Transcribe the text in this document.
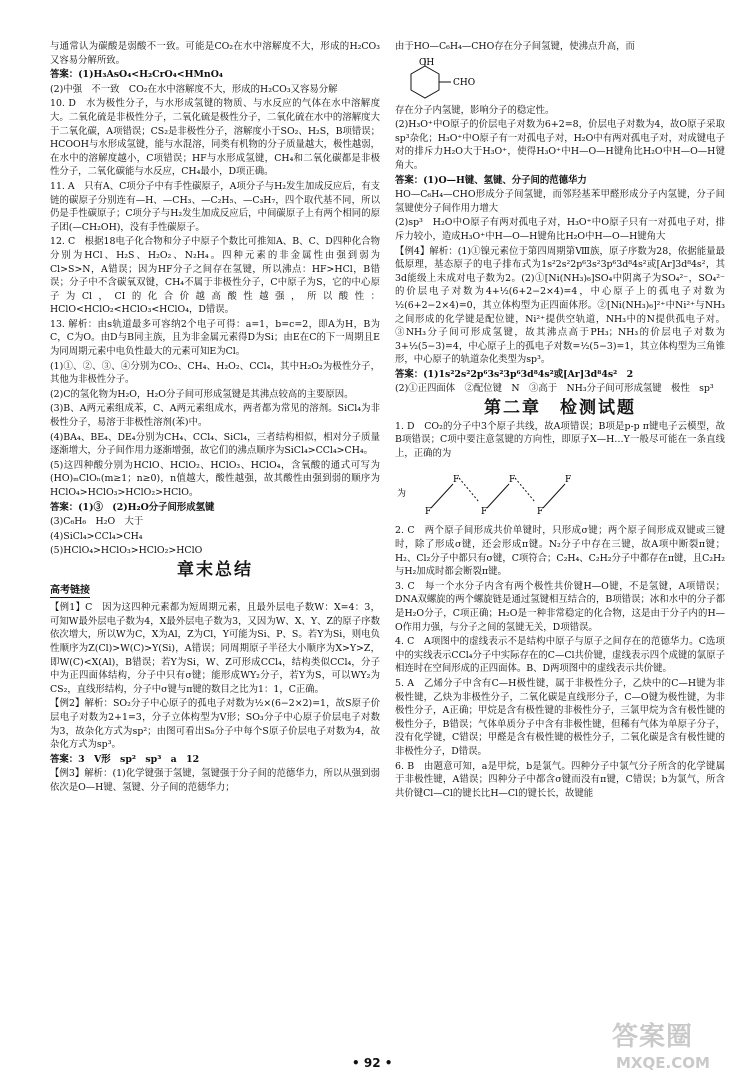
与通常认为碳酸是弱酸不一致。可能是CO₂在水中溶解度不大，形成的H₂CO₃又容易分解所致。

答案：(1)H₃AsO₄<H₂CrO₄<HMnO₄

(2)中强　不一致　CO₂在水中溶解度不大，形成的H₂CO₃又容易分解

10. D　水为极性分子，与水形成氢键的物质、与水反应的气体在水中溶解度大。二氧化硫是非极性分子，二氧化硫是极性分子，二氧化硫在水中的溶解度大于二氧化碳，A项错误；CS₂是非极性分子，溶解度小于SO₂、H₂S，B项错误；HCOOH与水形成氢键，能与水混溶，同类有机物的分子质量越大，极性越弱，在水中的溶解度越小，C项错误；HF与水形成氢键，CH₄和二氧化碳都是非极性分子，二氧化碳能与水反应，CH₄最小，D项正确。

11. A　只有A、C项分子中有手性碳原子，A项分子与H₂发生加成反应后，有支链的碳原子分别连有—H、—CH₃、—C₂H₅、—C₃H₇，四个取代基不同，所以仍是手性碳原子；C项分子与H₂发生加成反应后，中间碳原子上有两个相同的原子团(—CH₂OH)，没有手性碳原子。

12. C　根据18电子化合物和分子中原子个数比可推知A、B、C、D四种化合物分别为HCl、H₂S、H₂O₂、N₂H₄。四种元素的非金属性由强到弱为Cl>S>N，A错误；因为HF分子之间存在氢键，所以沸点：HF>HCl，B错误；分子中不含碳氧双键，CH₄不属于非极性分子，C中原子为S，它的中心原子为Cl，CI的化合价越高酸性越强，所以酸性：HClO<HClO₂<HClO₃<HClO₄，D错误。

13. 解析：由s轨道最多可容纳2个电子可得：a=1，b=c=2，即A为H，B为C，C为O。由D与B同主族，且为非金属元素得D为Si；由E在C的下一周期且E为同周期元素中电负性最大的元素可知E为Cl。

(1)①、②、③、④分别为CO₂、CH₄、H₂O₂、CCl₄，其中H₂O₂为极性分子，其他为非极性分子。

(2)C的氢化物为H₂O，H₂O分子间可形成氢键是其沸点较高的主要原因。

(3)B、A两元素组成苯，C、A两元素组成水，两者都为常见的溶剂。SiCl₄为非极性分子，易溶于非极性溶剂(苯)中。

(4)BA₄、BE₄、DE₄分别为CH₄、CCl₄、SiCl₄，三者结构相似，相对分子质量逐渐增大，分子间作用力逐渐增强，故它们的沸点顺序为SiCl₄>CCl₄>CH₄。

(5)这四种酸分别为HClO、HClO₂、HClO₃、HClO₄，含氧酸的通式可写为(HO)ₘClOₙ(m≥1；n≥0)，n值越大，酸性越强，故其酸性由强到弱的顺序为HClO₄>HClO₃>HClO₂>HClO。

答案：(1)③　(2)H₂O分子间形成氢键

(3)C₆H₆　H₂O　大于

(4)SiCl₄>CCl₄>CH₄

(5)HClO₄>HClO₃>HClO₂>HClO

章末总结
高考链接

【例1】C　因为这四种元素都为短周期元素，且最外层电子数W：X=4：3，可知W最外层电子数为4，X最外层电子数为3，又因为W、X、Y、Z的原子序数依次增大，所以W为C，X为Al，Z为Cl，Y可能为Si、P、S。若Y为Si，则电负性顺序为Z(Cl)>W(C)>Y(Si)，A错误；同周期原子半径大小顺序为X>Y>Z，即W(C)<X(Al)，B错误；若Y为Si，W、Z可形成CCl₄，结构类似CCl₄，分子中为正四面体结构，分子中只有σ键；能形成WY₂分子，若Y为S，可以WY₂为CS₂，直线形结构，分子中σ键与π键的数目之比为1：1，C正确。

【例2】解析：SO₂分子中心原子的孤电子对数为½×(6−2×2)=1，故S原子价层电子对数为2+1=3，分子立体构型为V形；SO₃分子中心原子价层电子对数为3，故杂化方式为sp²；由图可看出S₈分子中每个S原子价层电子对数为4，故杂化方式为sp³。

答案：3　V形　sp²　sp³　a　12

【例3】解析：(1)化学键强于氢键，氢键强于分子间的范德华力，所以从强到弱依次是O—H键、氢键、分子间的范德华力；

由于HO—C₆H₄—CHO存在分子间氢键，使沸点升高，而

OH
CHO

存在分子内氢键，影响分子的稳定性。

(2)H₃O⁺中O原子的价层电子对数为6+2=8，价层电子对数为4，故O原子采取sp³杂化；H₃O⁺中O原子有一对孤电子对，H₂O中有两对孤电子对，对成键电子对的排斥力H₂O大于H₃O⁺，使得H₃O⁺中H—O—H键角比H₂O中H—O—H键角大。

答案：(1)O—H键、氢键、分子间的范德华力

HO—C₆H₄—CHO形成分子间氢键，而邻羟基苯甲醛形成分子内氢键，分子间氢键使分子间作用力增大

(2)sp³　H₂O中O原子有两对孤电子对，H₃O⁺中O原子只有一对孤电子对，排斥力较小，造成H₃O⁺中H—O—H键角比H₂O中H—O—H键角大

【例4】解析：(1)①镍元素位于第四周期第Ⅷ族，原子序数为28，依据能量最低原理，基态原子的电子排布式为1s²2s²2p⁶3s²3p⁶3d⁸4s²或[Ar]3d⁸4s²，其3d能级上未成对电子数为2。(2)①[Ni(NH₃)₆]SO₄中阴离子为SO₄²⁻，SO₄²⁻的价层电子对数为4+½(6+2−2×4)=4，中心原子上的孤电子对数为½(6+2−2×4)=0，其立体构型为正四面体形。②[Ni(NH₃)₆]²⁺中Ni²⁺与NH₃之间形成的化学键是配位键，Ni²⁺提供空轨道，NH₃中的N提供孤电子对。③NH₃分子间可形成氢键，故其沸点高于PH₃；NH₃的价层电子对数为3+½(5−3)=4，中心原子上的孤电子对数=½(5−3)=1，其立体构型为三角锥形，中心原子的轨道杂化类型为sp³。

答案：(1)1s²2s²2p⁶3s²3p⁶3d⁸4s²或[Ar]3d⁸4s²　2

(2)①正四面体　②配位键　N　③高于　NH₃分子间可形成氢键　极性　sp³

第二章　检测试题

1. D　CO₂的分子中3个原子共线，故A项错误；B项是p-p π键电子云模型，故B项错误；C项中要注意氢键的方向性，即原子X—H…Y一般尽可能在一条直线上，正确的为

为
F
F
F
F
F
F

2. C　两个原子间形成共价单键时，只形成σ键；两个原子间形成双键或三键时，除了形成σ键，还会形成π键。N₂分子中存在三键，故A项中断裂π键；H₂、Cl₂分子中都只有σ键，C项符合；C₂H₄、C₂H₂分子中都存在π键，且C₂H₂与H₂加成时都会断裂π键。

3. C　每一个水分子内含有两个极性共价键H—O键，不是氢键，A项错误；DNA双螺旋的两个螺旋链是通过氢键相互结合的，B项错误；冰和水中的分子都是H₂O分子，C项正确；H₂O是一种非常稳定的化合物，这是由于分子内的H—O作用力强，与分子之间的氢键无关，D项错误。

4. C　A项图中的虚线表示不是结构中原子与原子之间存在的范德华力。C选项中的实线表示CCl₄分子中实际存在的C—Cl共价键，虚线表示四个成键的氯原子相连时在空间形成的正四面体。B、D两项图中的虚线表示共价键。

5. A　乙烯分子中含有C—H极性键，属于非极性分子，乙炔中的C—H键为非极性键，乙炔为非极性分子，二氧化碳是直线形分子，C—O键为极性键，为非极性分子，A正确；甲烷是含有极性键的非极性分子，三氯甲烷为含有极性键的极性分子，B错误；气体单质分子中含有非极性键，但稀有气体为单原子分子，没有化学键，C错误；甲醛是含有极性键的极性分子，二氧化碳是含有极性键的非极性分子，D错误。

6. B　由题意可知，a是甲烷，b是氯气。四种分子中氯气分子所含的化学键属于非极性键，A错误；四种分子中都含σ键而没有π键，C错误；b为氯气，所含共价键Cl—Cl的键长比H—Cl的键长长，故键能

• 92 •
答案圈
MXQE.COM
